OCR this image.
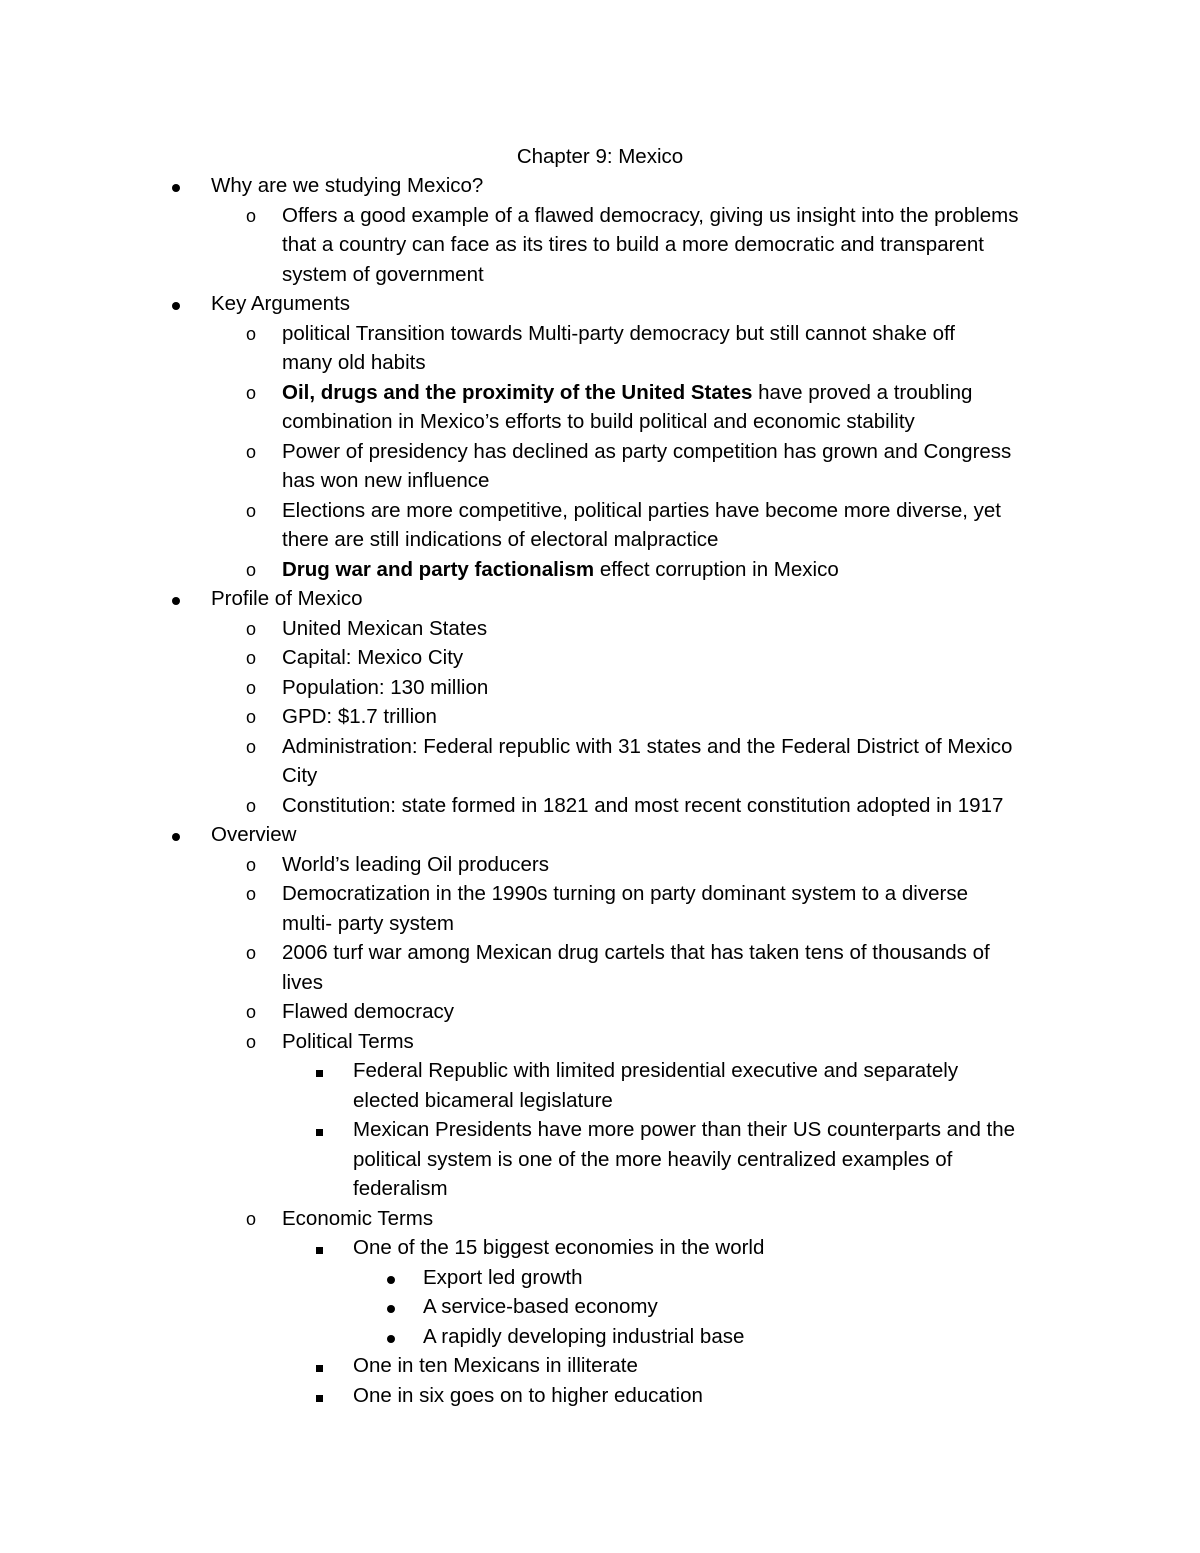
Chapter 9: Mexico
Why are we studying Mexico?
o Offers a good example of a flawed democracy, giving us insight into the problems
that a country can face as its tires to build a more democratic and transparent
system of government
Key Arguments
o political Transition towards Multi-party democracy but still cannot shake off
many old habits
o Oil, drugs and the proximity of the United States have proved a troubling
combination in Mexico’s efforts to build political and economic stability
o Power of presidency has declined as party competition has grown and Congress
has won new influence
o Elections are more competitive, political parties have become more diverse, yet
there are still indications of electoral malpractice
o Drug war and party factionalism effect corruption in Mexico
Profile of Mexico
o United Mexican States
o Capital: Mexico City
o Population: 130 million
o GPD: $1.7 trillion
o Administration: Federal republic with 31 states and the Federal District of Mexico
City
o Constitution: state formed in 1821 and most recent constitution adopted in 1917
Overview
o World’s leading Oil producers
o Democratization in the 1990s turning on party dominant system to a diverse
multi- party system
o 2006 turf war among Mexican drug cartels that has taken tens of thousands of
lives
o Flawed democracy
o Political Terms
Federal Republic with limited presidential executive and separately
elected bicameral legislature
Mexican Presidents have more power than their US counterparts and the
political system is one of the more heavily centralized examples of
federalism
o Economic Terms
One of the 15 biggest economies in the world
Export led growth
A service-based economy
A rapidly developing industrial base
One in ten Mexicans in illiterate
One in six goes on to higher education
